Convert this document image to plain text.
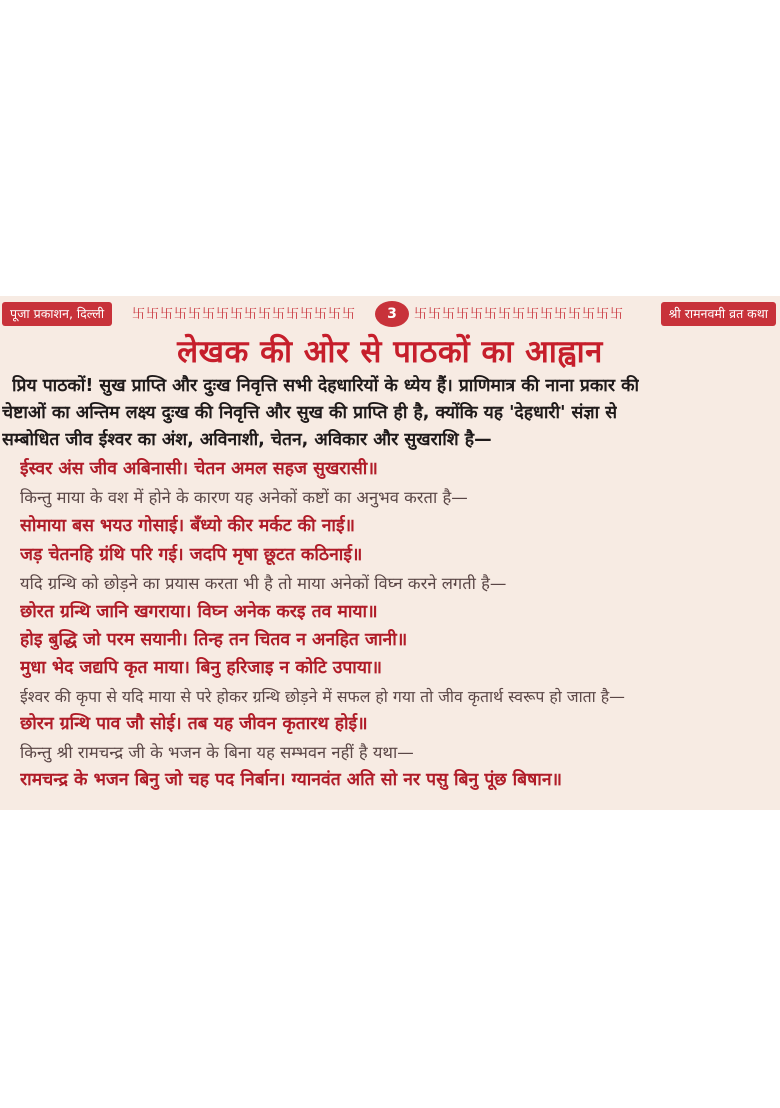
पूजा प्रकाशन, दिल्ली	卐卐卐卐卐卐卐卐卐卐卐卐卐卐卐卐	3	卐卐卐卐卐卐卐卐卐卐卐卐卐卐卐	श्री रामनवमी व्रत कथा
लेखक की ओर से पाठकों का आह्वान
प्रिय पाठकों! सुख प्राप्ति और दुःख निवृत्ति सभी देहधारियों के ध्येय हैं। प्राणिमात्र की नाना प्रकार की
चेष्टाओं का अन्तिम लक्ष्य दुःख की निवृत्ति और सुख की प्राप्ति ही है, क्योंकि यह 'देहधारी' संज्ञा से
सम्बोधित जीव ईश्वर का अंश, अविनाशी, चेतन, अविकार और सुखराशि है—
ईस्वर अंस जीव अबिनासी। चेतन अमल सहज सुखरासी॥
किन्तु माया के वश में होने के कारण यह अनेकों कष्टों का अनुभव करता है—
सोमाया बस भयउ गोसाई। बँध्यो कीर मर्कट की नाई॥
जड़ चेतनहि ग्रंथि परि गई। जदपि मृषा छूटत कठिनाई॥
यदि ग्रन्थि को छोड़ने का प्रयास करता भी है तो माया अनेकों विघ्न करने लगती है—
छोरत ग्रन्थि जानि खगराया। विघ्न अनेक करइ तव माया॥
होइ बुद्धि जो परम सयानी। तिन्ह तन चितव न अनहित जानी॥
मुधा भेद जद्यपि कृत माया। बिनु हरिजाइ न कोटि उपाया॥
ईश्वर की कृपा से यदि माया से परे होकर ग्रन्थि छोड़ने में सफल हो गया तो जीव कृतार्थ स्वरूप हो जाता है—
छोरन ग्रन्थि पाव जौ सोई। तब यह जीवन कृतारथ होई॥
किन्तु श्री रामचन्द्र जी के भजन के बिना यह सम्भवन नहीं है यथा—
रामचन्द्र के भजन बिनु जो चह पद निर्बान। ग्यानवंत अति सो नर पसु बिनु पूंछ बिषान॥
